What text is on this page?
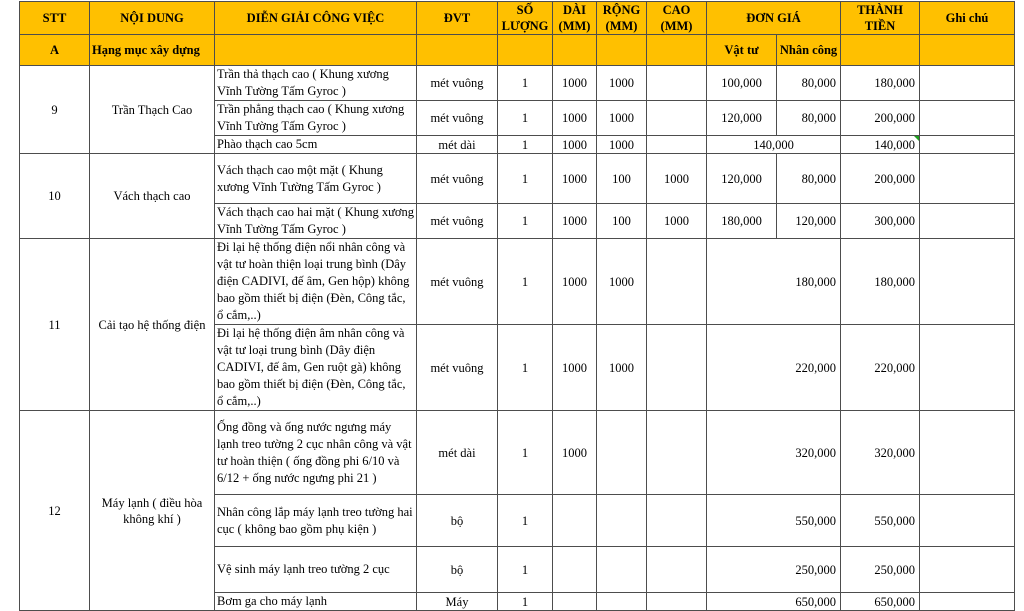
STT	NỘI DUNG	DIỄN GIẢI CÔNG VIỆC	ĐVT	SỐ LƯỢNG	DÀI (MM)	RỘNG (MM)	CAO (MM)	ĐƠN GIÁ		THÀNH TIỀN	Ghi chú
A	Hạng mục xây dựng							Vật tư	Nhân công		
9	Trần Thạch Cao	Trần thả thạch cao ( Khung xương Vĩnh Tường Tấm Gyroc )	mét vuông	1	1000	1000		100,000	80,000	180,000	
		Trần phẳng thạch cao ( Khung xương Vĩnh Tường Tấm Gyroc )	mét vuông	1	1000	1000		120,000	80,000	200,000	
		Phào thạch cao 5cm	mét dài	1	1000	1000		140,000		140,000	
10	Vách thạch cao	Vách thạch cao một mặt ( Khung xương Vĩnh Tường Tấm Gyroc )	mét vuông	1	1000	100	1000	120,000	80,000	200,000	
		Vách thạch cao hai mặt ( Khung xương Vĩnh Tường Tấm Gyroc )	mét vuông	1	1000	100	1000	180,000	120,000	300,000	
11	Cải tạo hệ thống điện	Đi lại hệ thống điện nổi nhân công và vật tư hoàn thiện loại trung bình (Dây điện CADIVI, đế âm, Gen hộp) không bao gồm thiết bị điện (Đèn, Công tắc, ổ cắm,..)	mét vuông	1	1000	1000		180,000		180,000	
		Đi lại hệ thống điện âm nhân công và vật tư loại trung bình (Dây điện CADIVI, đế âm, Gen ruột gà) không bao gồm thiết bị điện (Đèn, Công tắc, ổ cắm,..)	mét vuông	1	1000	1000		220,000		220,000	
12	Máy lạnh ( điều hòa không khí )	Ống đồng và ống nước ngưng máy lạnh treo tường 2 cục nhân công và vật tư hoàn thiện ( ống đồng phi 6/10 và 6/12 + ống nước ngưng phi 21 )	mét dài	1	1000			320,000		320,000	
		Nhân công lắp máy lạnh treo tường hai cục ( không bao gồm phụ kiện )	bộ	1				550,000		550,000	
		Vệ sinh máy lạnh treo tường 2 cục	bộ	1				250,000		250,000	
		Bơm ga cho máy lạnh	Máy	1				650,000		650,000	
